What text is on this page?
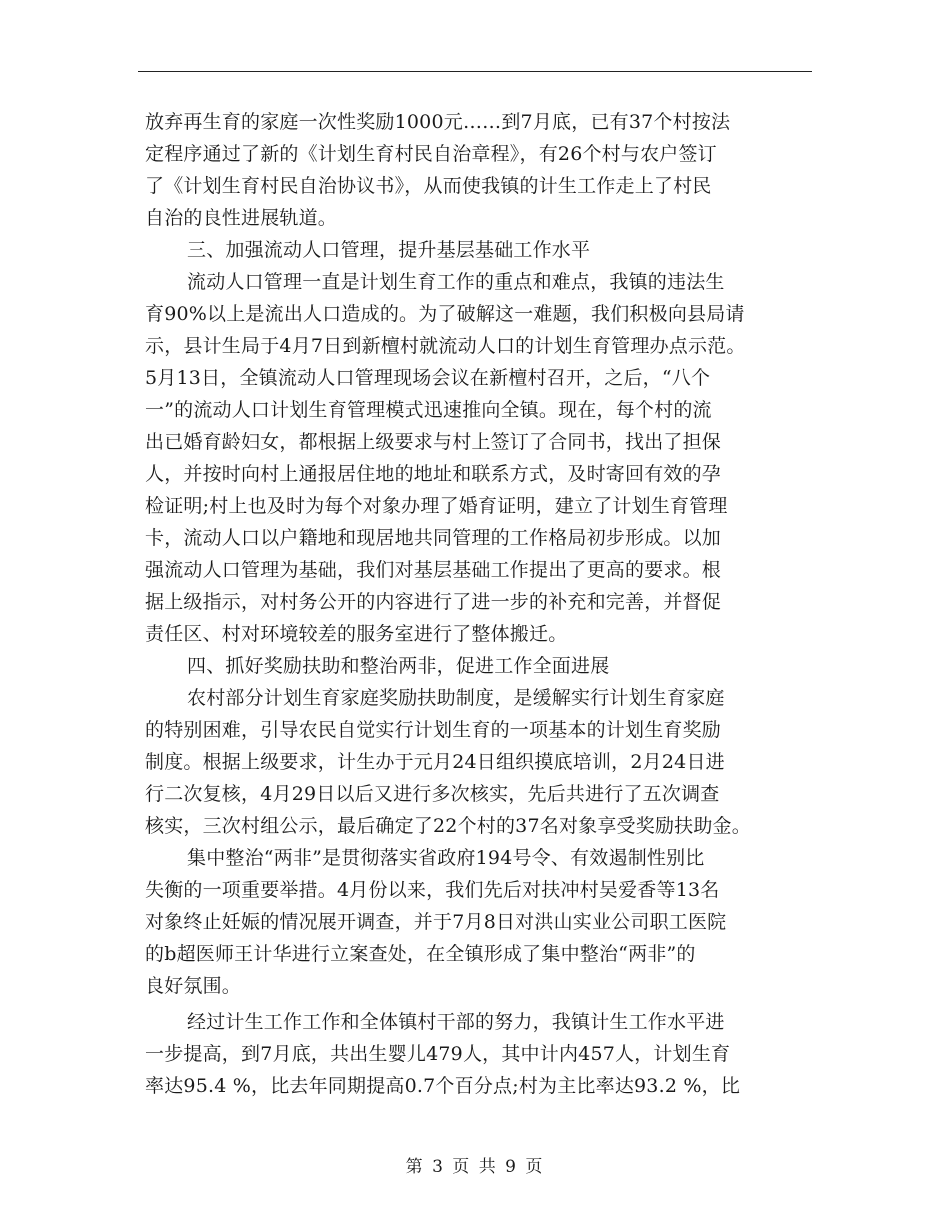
放弃再生育的家庭一次性奖励1000元……到7月底，已有37个村按法
定程序通过了新的《计划生育村民自治章程》，有26个村与农户签订
了《计划生育村民自治协议书》，从而使我镇的计生工作走上了村民
自治的良性进展轨道。
三、加强流动人口管理，提升基层基础工作水平
流动人口管理一直是计划生育工作的重点和难点，我镇的违法生
育90%以上是流出人口造成的。为了破解这一难题，我们积极向县局请
示，县计生局于4月7日到新檀村就流动人口的计划生育管理办点示范。
5月13日，全镇流动人口管理现场会议在新檀村召开，之后，“八个
一”的流动人口计划生育管理模式迅速推向全镇。现在，每个村的流
出已婚育龄妇女，都根据上级要求与村上签订了合同书，找出了担保
人，并按时向村上通报居住地的地址和联系方式，及时寄回有效的孕
检证明;村上也及时为每个对象办理了婚育证明，建立了计划生育管理
卡，流动人口以户籍地和现居地共同管理的工作格局初步形成。以加
强流动人口管理为基础，我们对基层基础工作提出了更高的要求。根
据上级指示，对村务公开的内容进行了进一步的补充和完善，并督促
责任区、村对环境较差的服务室进行了整体搬迁。
四、抓好奖励扶助和整治两非，促进工作全面进展
农村部分计划生育家庭奖励扶助制度，是缓解实行计划生育家庭
的特别困难，引导农民自觉实行计划生育的一项基本的计划生育奖励
制度。根据上级要求，计生办于元月24日组织摸底培训，2月24日进
行二次复核，4月29日以后又进行多次核实，先后共进行了五次调查
核实，三次村组公示，最后确定了22个村的37名对象享受奖励扶助金。
集中整治“两非”是贯彻落实省政府194号令、有效遏制性别比
失衡的一项重要举措。4月份以来，我们先后对扶冲村吴爱香等13名
对象终止妊娠的情况展开调查，并于7月8日对洪山实业公司职工医院
的b超医师王计华进行立案查处，在全镇形成了集中整治“两非”的
良好氛围。
经过计生工作工作和全体镇村干部的努力，我镇计生工作水平进
一步提高，到7月底，共出生婴儿479人，其中计内457人，计划生育
率达95.4 %，比去年同期提高0.7个百分点;村为主比率达93.2 %，比
第 3 页 共 9 页
